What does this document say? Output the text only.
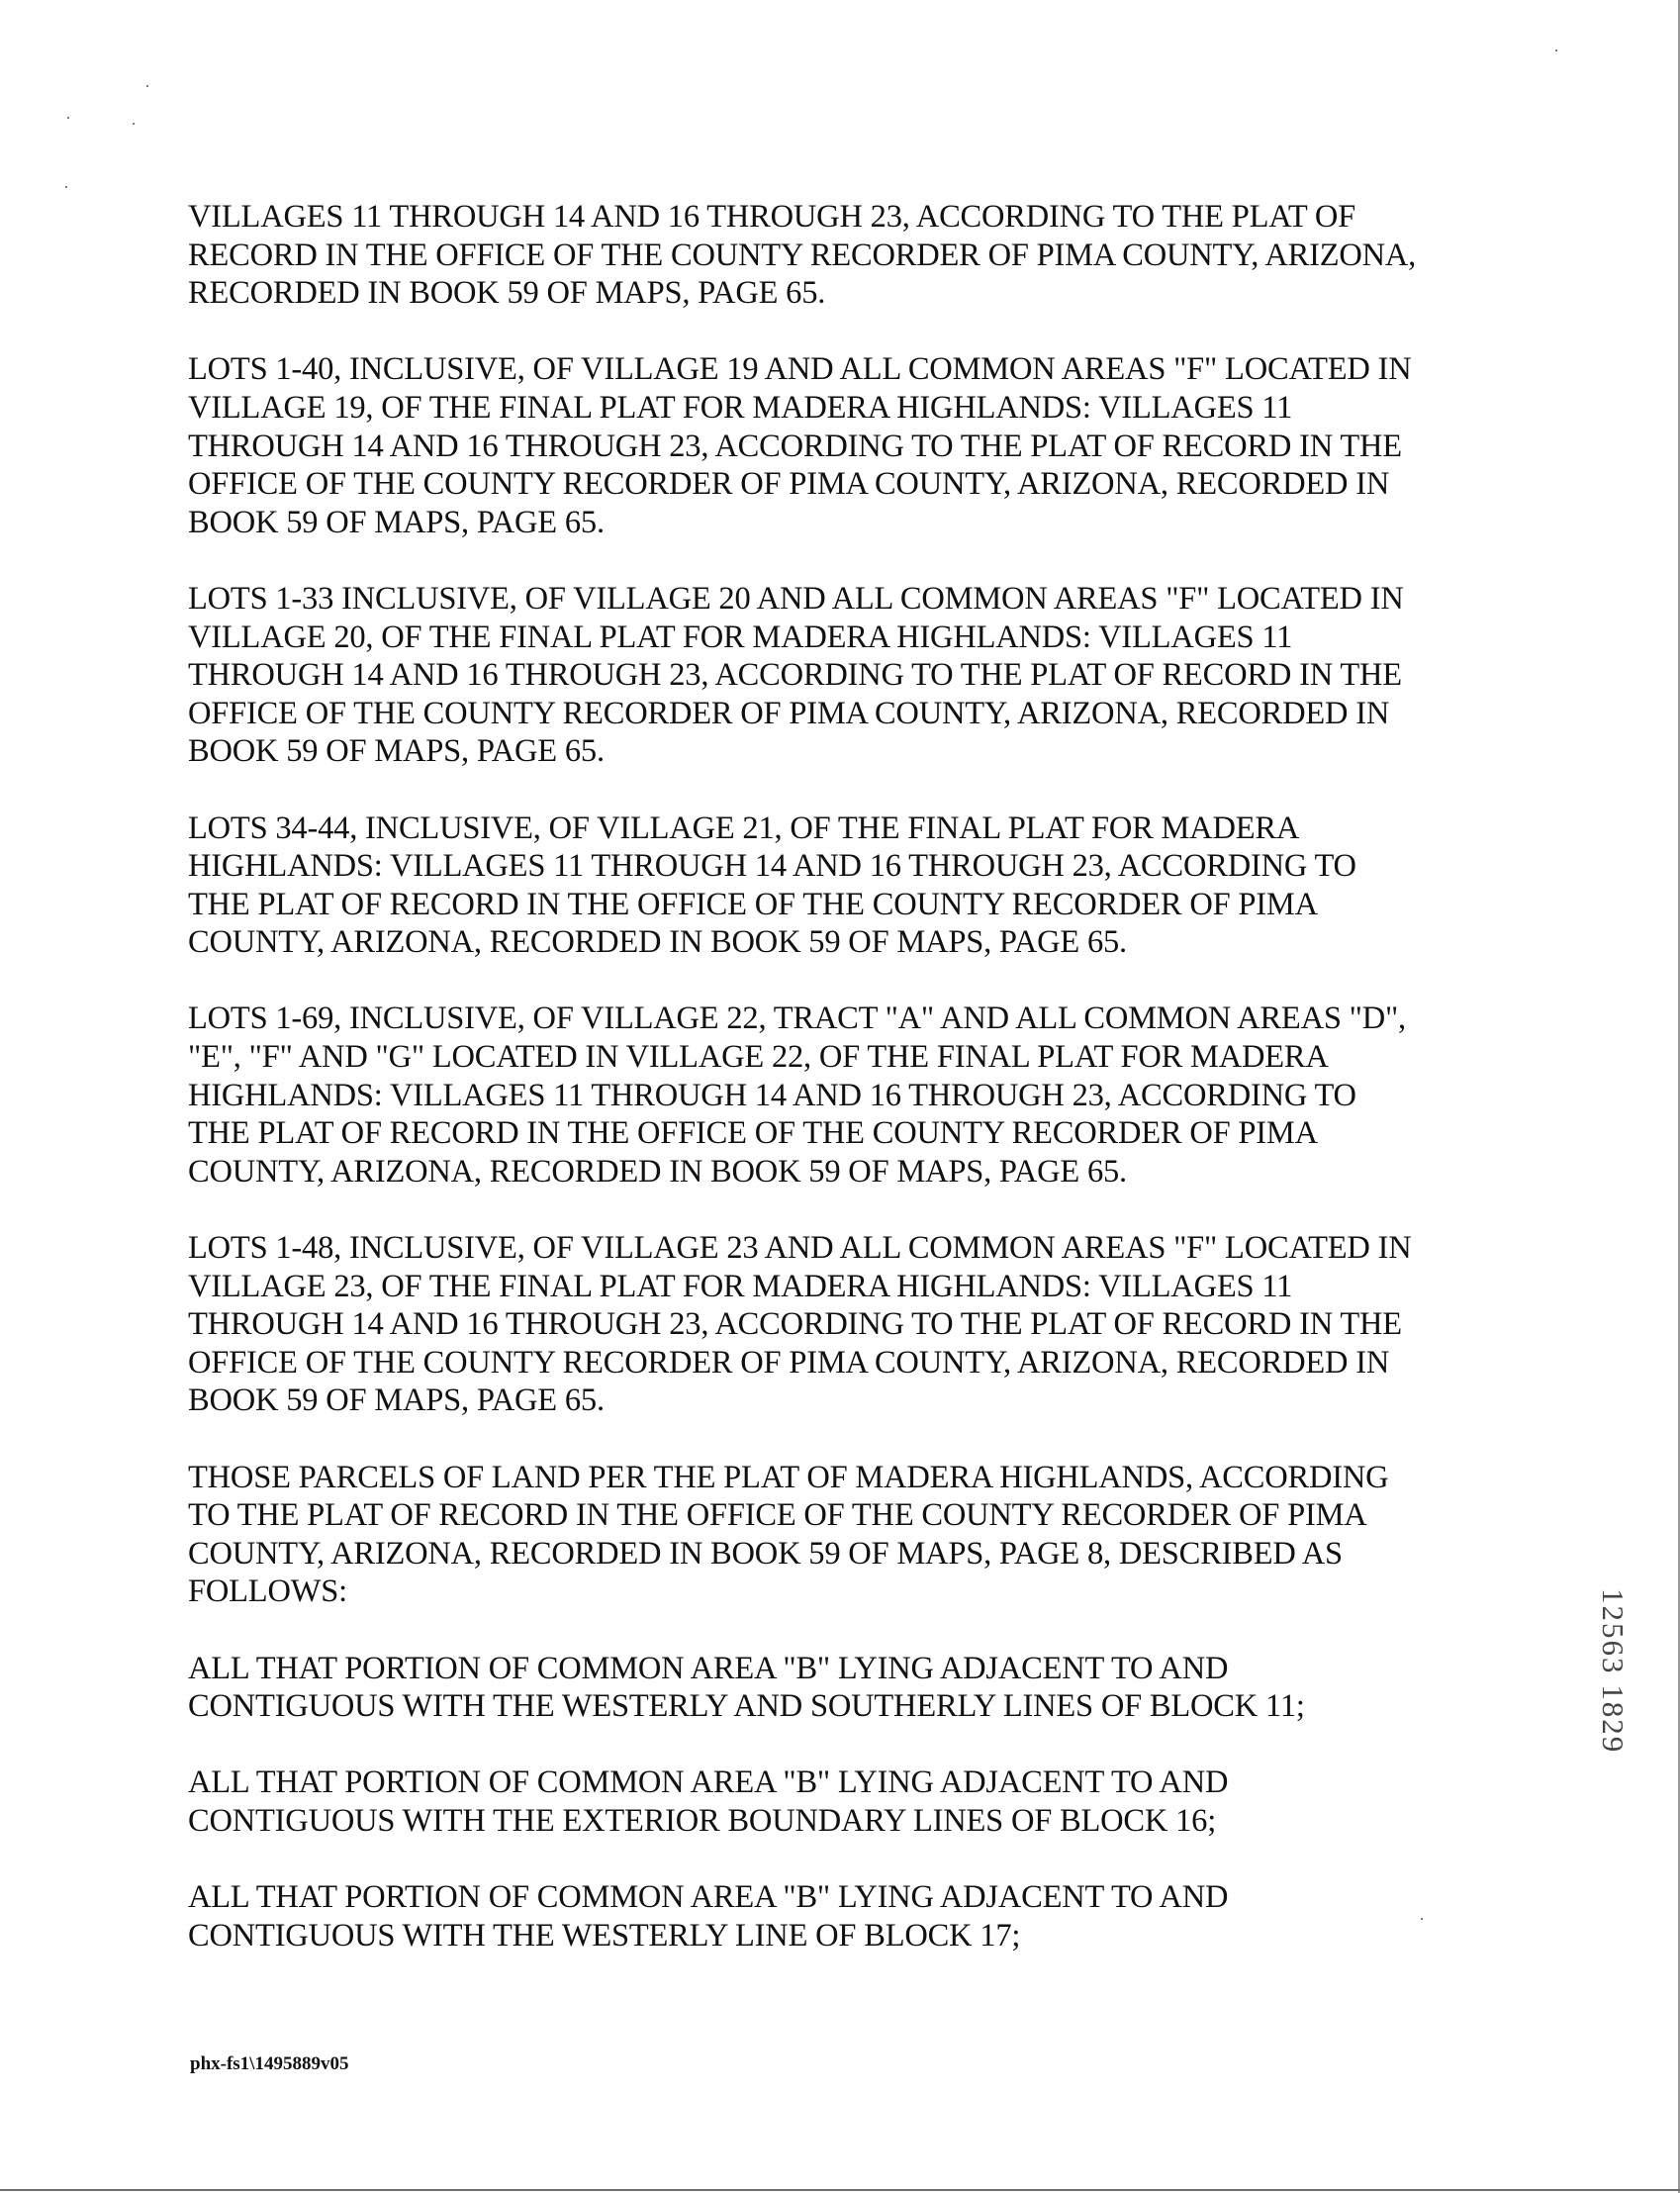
VILLAGES 11 THROUGH 14 AND 16 THROUGH 23, ACCORDING TO THE PLAT OF
RECORD IN THE OFFICE OF THE COUNTY RECORDER OF PIMA COUNTY, ARIZONA,
RECORDED IN BOOK 59 OF MAPS, PAGE 65.

LOTS 1-40, INCLUSIVE, OF VILLAGE 19 AND ALL COMMON AREAS "F" LOCATED IN
VILLAGE 19, OF THE FINAL PLAT FOR MADERA HIGHLANDS: VILLAGES 11
THROUGH 14 AND 16 THROUGH 23, ACCORDING TO THE PLAT OF RECORD IN THE
OFFICE OF THE COUNTY RECORDER OF PIMA COUNTY, ARIZONA, RECORDED IN
BOOK 59 OF MAPS, PAGE 65.

LOTS 1-33 INCLUSIVE, OF VILLAGE 20 AND ALL COMMON AREAS "F" LOCATED IN
VILLAGE 20, OF THE FINAL PLAT FOR MADERA HIGHLANDS: VILLAGES 11
THROUGH 14 AND 16 THROUGH 23, ACCORDING TO THE PLAT OF RECORD IN THE
OFFICE OF THE COUNTY RECORDER OF PIMA COUNTY, ARIZONA, RECORDED IN
BOOK 59 OF MAPS, PAGE 65.

LOTS 34-44, INCLUSIVE, OF VILLAGE 21, OF THE FINAL PLAT FOR MADERA
HIGHLANDS: VILLAGES 11 THROUGH 14 AND 16 THROUGH 23, ACCORDING TO
THE PLAT OF RECORD IN THE OFFICE OF THE COUNTY RECORDER OF PIMA
COUNTY, ARIZONA, RECORDED IN BOOK 59 OF MAPS, PAGE 65.

LOTS 1-69, INCLUSIVE, OF VILLAGE 22, TRACT "A" AND ALL COMMON AREAS "D",
"E", "F" AND "G" LOCATED IN VILLAGE 22, OF THE FINAL PLAT FOR MADERA
HIGHLANDS: VILLAGES 11 THROUGH 14 AND 16 THROUGH 23, ACCORDING TO
THE PLAT OF RECORD IN THE OFFICE OF THE COUNTY RECORDER OF PIMA
COUNTY, ARIZONA, RECORDED IN BOOK 59 OF MAPS, PAGE 65.

LOTS 1-48, INCLUSIVE, OF VILLAGE 23 AND ALL COMMON AREAS "F" LOCATED IN
VILLAGE 23, OF THE FINAL PLAT FOR MADERA HIGHLANDS: VILLAGES 11
THROUGH 14 AND 16 THROUGH 23, ACCORDING TO THE PLAT OF RECORD IN THE
OFFICE OF THE COUNTY RECORDER OF PIMA COUNTY, ARIZONA, RECORDED IN
BOOK 59 OF MAPS, PAGE 65.

THOSE PARCELS OF LAND PER THE PLAT OF MADERA HIGHLANDS, ACCORDING
TO THE PLAT OF RECORD IN THE OFFICE OF THE COUNTY RECORDER OF PIMA
COUNTY, ARIZONA, RECORDED IN BOOK 59 OF MAPS, PAGE 8, DESCRIBED AS
FOLLOWS:

ALL THAT PORTION OF COMMON AREA "B" LYING ADJACENT TO AND
CONTIGUOUS WITH THE WESTERLY AND SOUTHERLY LINES OF BLOCK 11;

ALL THAT PORTION OF COMMON AREA "B" LYING ADJACENT TO AND
CONTIGUOUS WITH THE EXTERIOR BOUNDARY LINES OF BLOCK 16;

ALL THAT PORTION OF COMMON AREA "B" LYING ADJACENT TO AND
CONTIGUOUS WITH THE WESTERLY LINE OF BLOCK 17;

12563 1829
phx-fs1\1495889v05
